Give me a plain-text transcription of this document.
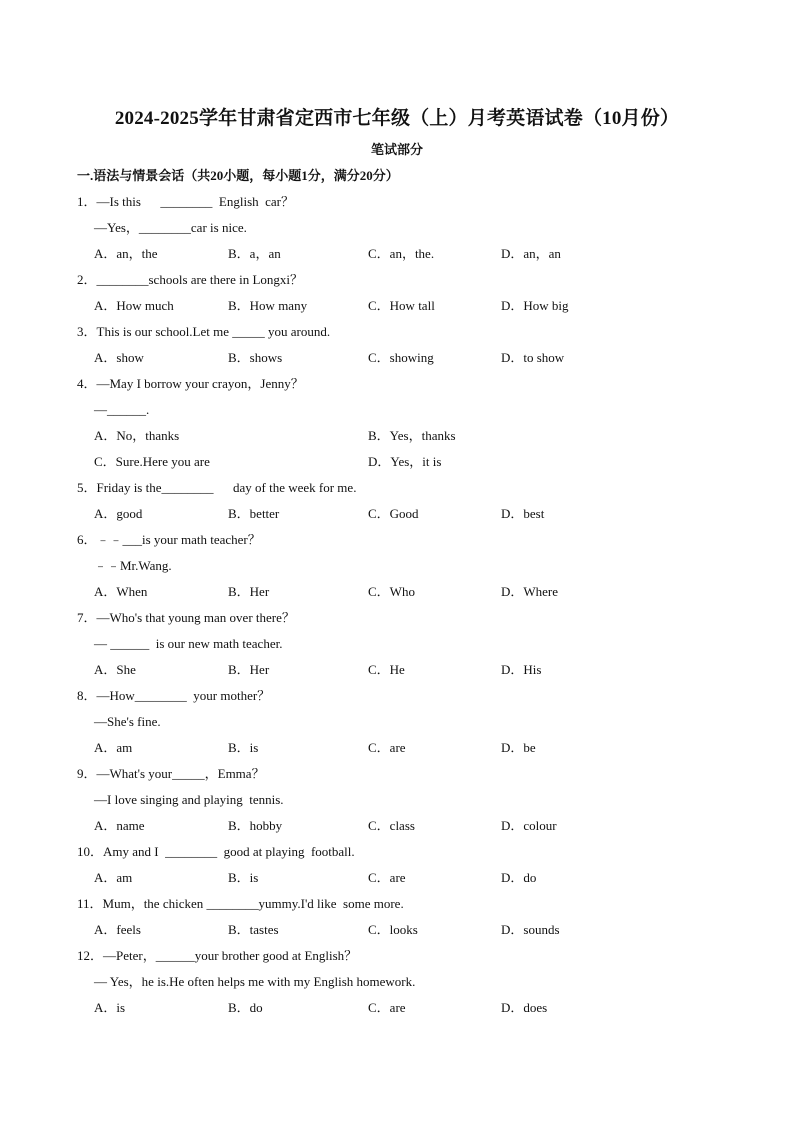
2024-2025学年甘肃省定西市七年级（上）月考英语试卷（10月份）
笔试部分
一.语法与情景会话（共20小题，每小题1分，满分20分）
1．—Is this      ________  English  car？
—Yes，________car is nice.
A．an，the	B．a，an	C．an，the.	D．an，an
2．________schools are there in Longxi？
A．How much	B．How many	C．How tall	D．How big
3．This is our school.Let me _____ you around.
A．show	B．shows	C．showing	D．to show
4．—May I borrow your crayon，Jenny？
—______.
A．No，thanks	B．Yes，thanks
C．Sure.Here you are	D．Yes，it is
5．Friday is the________      day of the week for me.
A．good	B．better	C．Good	D．best
6．﹣﹣___is your math teacher？
﹣﹣Mr.Wang.
A．When	B．Her	C．Who	D．Where
7．—Who's that young man over there？
— ______  is our new math teacher.
A．She	B．Her	C．He	D．His
8．—How________  your mother？
—She's fine.
A．am	B．is	C．are	D．be
9．—What's your_____，Emma？
—I love singing and playing  tennis.
A．name	B．hobby	C．class	D．colour
10．Amy and I  ________  good at playing  football.
A．am	B．is	C．are	D．do
11．Mum，the chicken ________yummy.I'd like  some more.
A．feels	B．tastes	C．looks	D．sounds
12．—Peter，______your brother good at English？
— Yes，he is.He often helps me with my English homework.
A．is	B．do	C．are	D．does
